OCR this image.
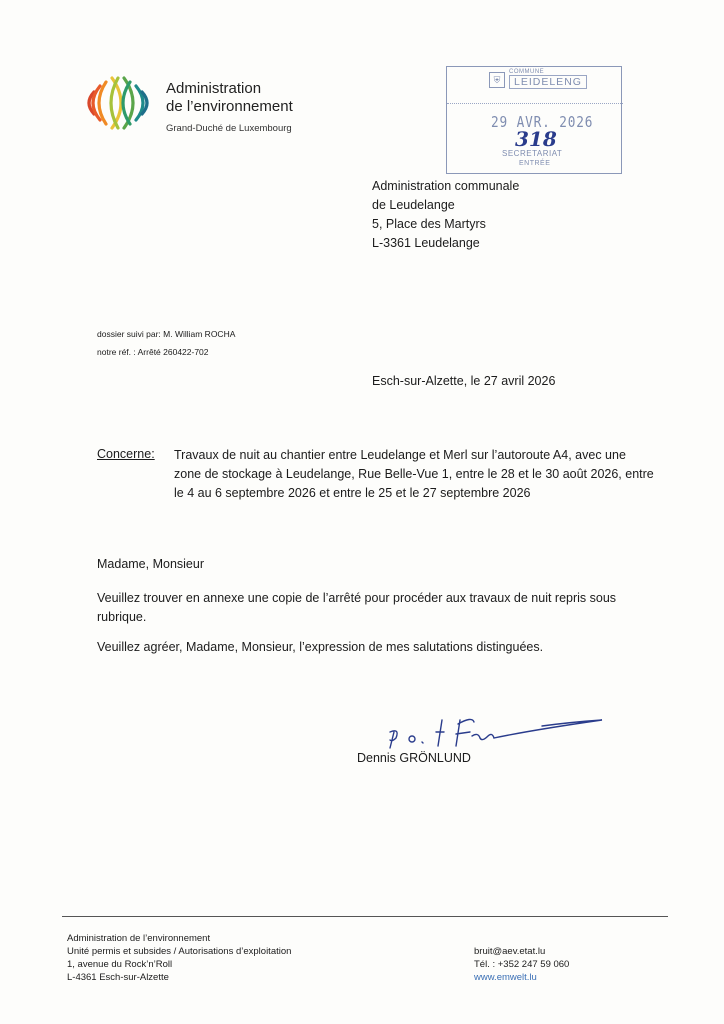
Administration
de l’environnement
Grand-Duché de Luxembourg
⛨
COMMUNE
LEIDELENG
29 AVR. 2026
318
SECRETARIAT
ENTRÉE
Administration communale
de Leudelange
5, Place des Martyrs
L-3361 Leudelange
dossier suivi par: M. William ROCHA
notre réf. : Arrêté 260422-702
Esch-sur-Alzette, le 27 avril 2026
Concerne: Travaux de nuit au chantier entre Leudelange et Merl sur l’autoroute A4, avec une zone de stockage à Leudelange, Rue Belle-Vue 1, entre le 28 et le 30 août 2026, entre le 4 au 6 septembre 2026 et entre le 25 et le 27 septembre 2026
Madame, Monsieur
Veuillez trouver en annexe une copie de l’arrêté pour procéder aux travaux de nuit repris sous rubrique.
Veuillez agréer, Madame, Monsieur, l’expression de mes salutations distinguées.
Dennis GRÖNLUND
Administration de l’environnement
Unité permis et subsides / Autorisations d’exploitation
1, avenue du Rock’n’Roll
L-4361 Esch-sur-Alzette
bruit@aev.etat.lu
Tél. : +352 247 59 060
www.emwelt.lu
